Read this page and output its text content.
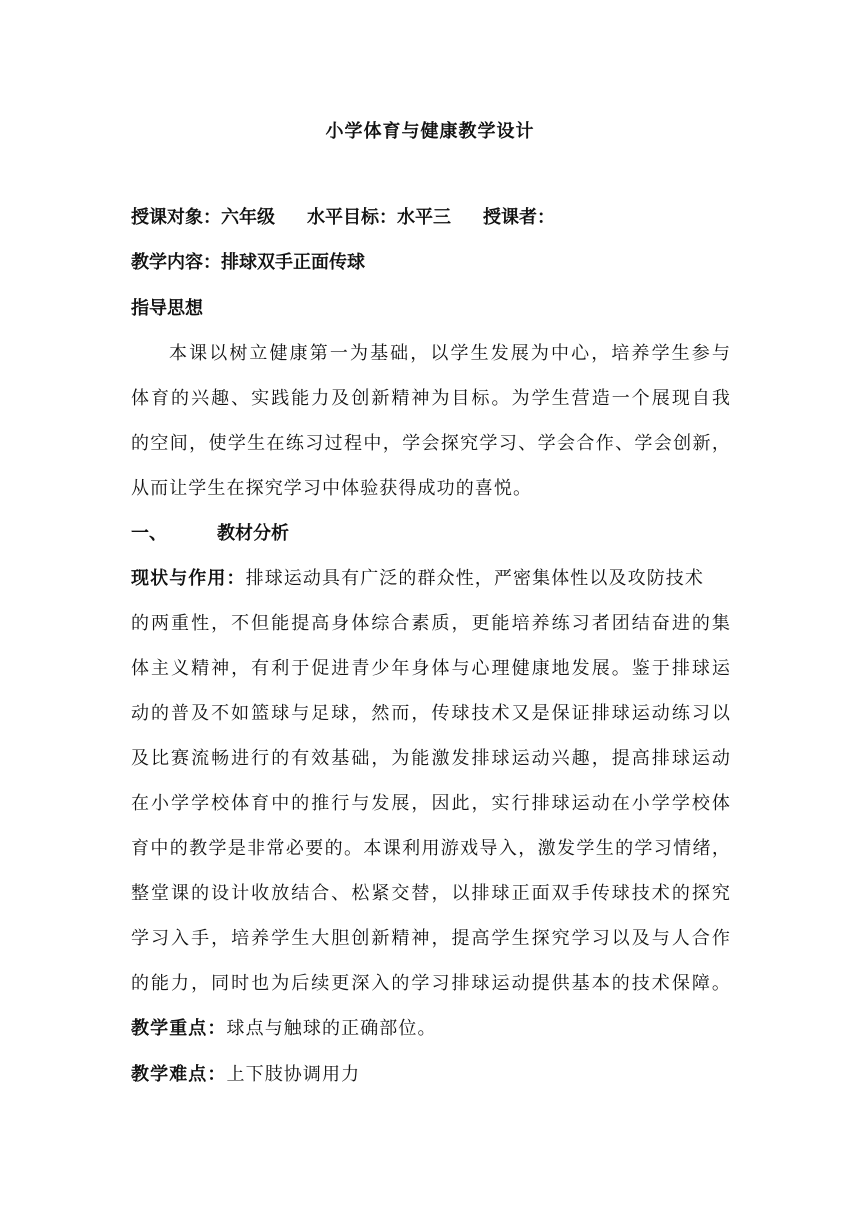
小学体育与健康教学设计
授课对象：六年级 水平目标：水平三 授课者：
教学内容：排球双手正面传球
指导思想
本课以树立健康第一为基础，以学生发展为中心，培养学生参与
体育的兴趣、实践能力及创新精神为目标。为学生营造一个展现自我
的空间，使学生在练习过程中，学会探究学习、学会合作、学会创新，
从而让学生在探究学习中体验获得成功的喜悦。
一、	教材分析
现状与作用：排球运动具有广泛的群众性，严密集体性以及攻防技术
的两重性，不但能提高身体综合素质，更能培养练习者团结奋进的集
体主义精神，有利于促进青少年身体与心理健康地发展。鉴于排球运
动的普及不如篮球与足球，然而，传球技术又是保证排球运动练习以
及比赛流畅进行的有效基础，为能激发排球运动兴趣，提高排球运动
在小学学校体育中的推行与发展，因此，实行排球运动在小学学校体
育中的教学是非常必要的。本课利用游戏导入，激发学生的学习情绪，
整堂课的设计收放结合、松紧交替，以排球正面双手传球技术的探究
学习入手，培养学生大胆创新精神，提高学生探究学习以及与人合作
的能力，同时也为后续更深入的学习排球运动提供基本的技术保障。
教学重点：球点与触球的正确部位。
教学难点：上下肢协调用力
